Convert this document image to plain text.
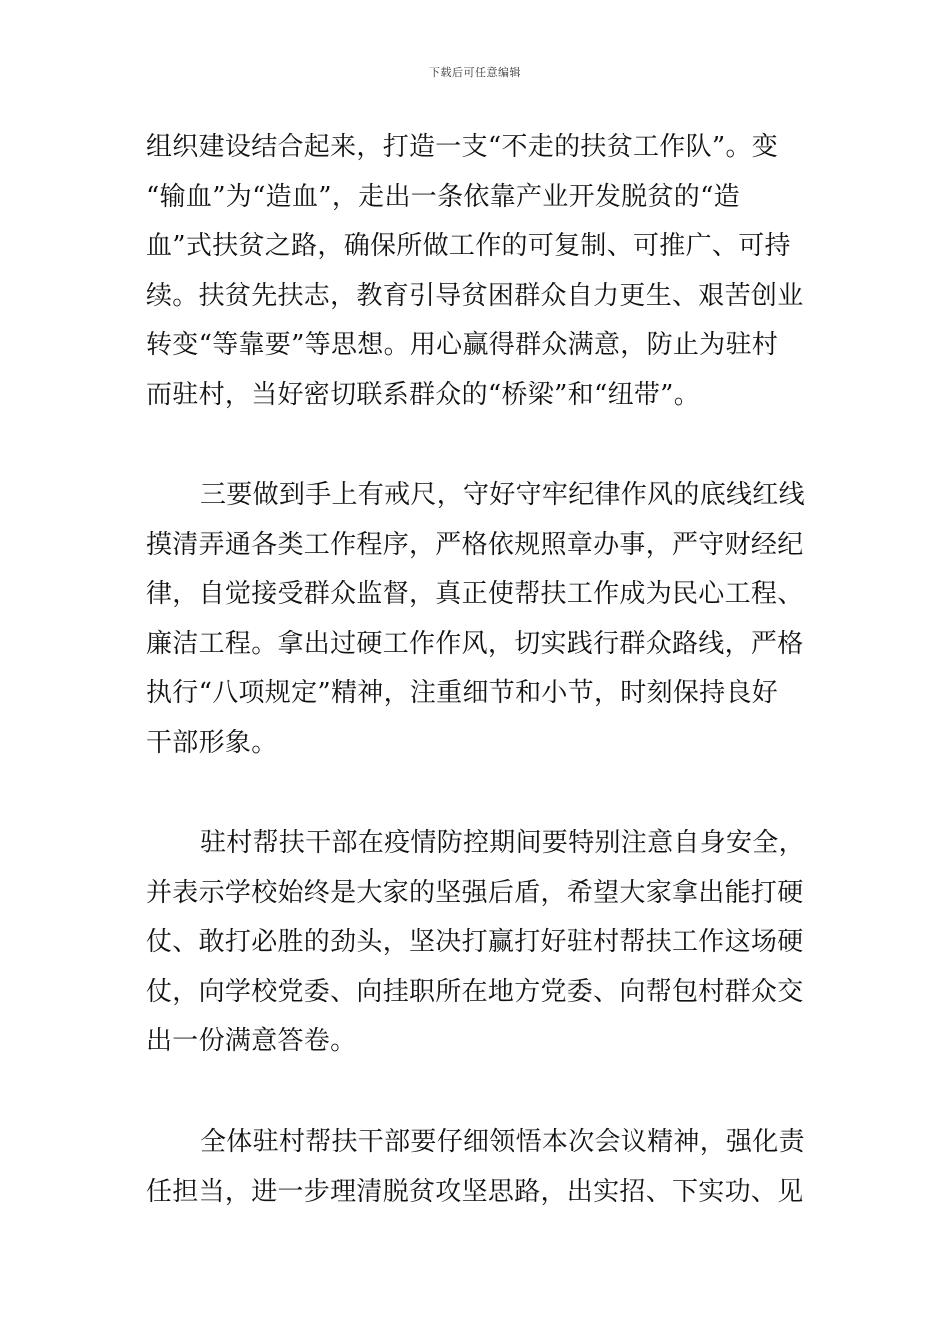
下载后可任意编辑
组织建设结合起来，打造一支“不走的扶贫工作队”。变
“输血”为“造血”，走出一条依靠产业开发脱贫的“造
血”式扶贫之路，确保所做工作的可复制、可推广、可持
续。扶贫先扶志，教育引导贫困群众自力更生、艰苦创业
转变“等靠要”等思想。用心赢得群众满意，防止为驻村
而驻村，当好密切联系群众的“桥梁”和“纽带”。
三要做到手上有戒尺，守好守牢纪律作风的底线红线
摸清弄通各类工作程序，严格依规照章办事，严守财经纪
律，自觉接受群众监督，真正使帮扶工作成为民心工程、
廉洁工程。拿出过硬工作作风，切实践行群众路线，严格
执行“八项规定”精神，注重细节和小节，时刻保持良好
干部形象。
驻村帮扶干部在疫情防控期间要特别注意自身安全，
并表示学校始终是大家的坚强后盾，希望大家拿出能打硬
仗、敢打必胜的劲头，坚决打赢打好驻村帮扶工作这场硬
仗，向学校党委、向挂职所在地方党委、向帮包村群众交
出一份满意答卷。
全体驻村帮扶干部要仔细领悟本次会议精神，强化责
任担当，进一步理清脱贫攻坚思路，出实招、下实功、见
